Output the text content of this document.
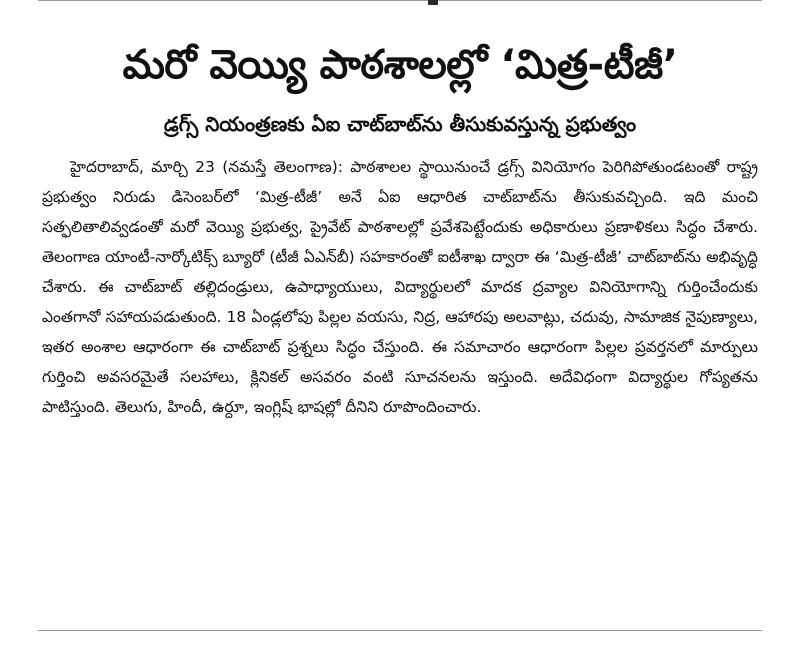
మరో వెయ్యి పాఠశాలల్లో ‘మిత్ర-టీజీ’
డ్రగ్స్ నియంత్రణకు ఏఐ చాట్‌బాట్‌ను తీసుకువస్తున్న ప్రభుత్వం

హైదరాబాద్, మార్చి 23 (నమస్తే తెలంగాణ): పాఠశాలల స్థాయినుంచే డ్రగ్స్ వినియోగం పెరిగిపోతుండటంతో రాష్ట్ర ప్రభుత్వం నిరుడు డిసెంబర్‌లో ‘మిత్ర-టీజీ’ అనే ఏఐ ఆధారిత చాట్‌బాట్‌ను తీసుకువచ్చింది. ఇది మంచి సత్ఫలితాలివ్వడంతో మరో వెయ్యి ప్రభుత్వ, ప్రైవేట్ పాఠశాలల్లో ప్రవేశపెట్టేందుకు అధికారులు ప్రణాళికలు సిద్ధం చేశారు. తెలంగాణ యాంటీ-నార్కోటిక్స్ బ్యూరో (టీజీ ఏఎన్‌బీ) సహకారంతో ఐటీశాఖ ద్వారా ఈ ‘మిత్ర-టీజీ’ చాట్‌బాట్‌ను అభివృద్ధి చేశారు. ఈ చాట్‌బాట్ తల్లిదండ్రులు, ఉపాధ్యాయులు, విద్యార్థులలో మాదక ద్రవ్యాల వినియోగాన్ని గుర్తించేందుకు ఎంతగానో సహాయపడుతుంది. 18 ఏండ్లలోపు పిల్లల వయసు, నిద్ర, ఆహారపు అలవాట్లు, చదువు, సామాజిక నైపుణ్యాలు, ఇతర అంశాల ఆధారంగా ఈ చాట్‌బాట్ ప్రశ్నలు సిద్ధం చేస్తుంది. ఈ సమాచారం ఆధారంగా పిల్లల ప్రవర్తనలో మార్పులు గుర్తించి అవసరమైతే సలహాలు, క్లినికల్ అసవరం వంటి సూచనలను ఇస్తుంది. అదేవిధంగా విద్యార్థుల గోప్యతను పాటిస్తుంది. తెలుగు, హిందీ, ఉర్దూ, ఇంగ్లిష్ భాషల్లో దీనిని రూపొందించారు.
